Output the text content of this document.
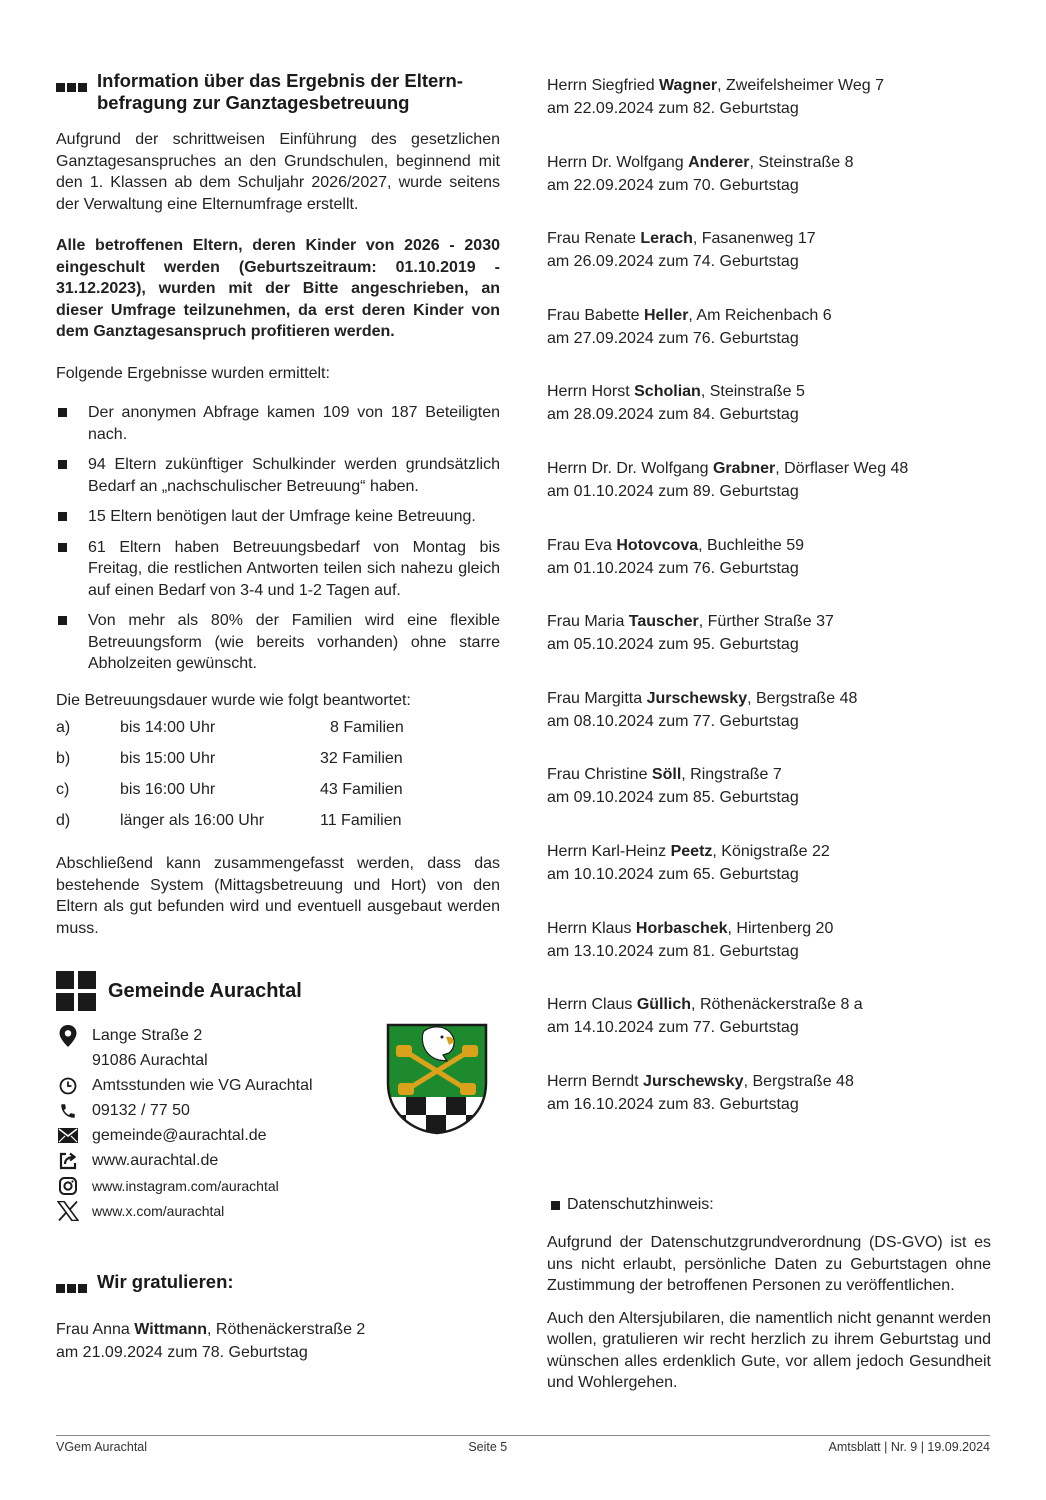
Information über das Ergebnis der Eltern-befragung zur Ganztagesbetreuung

Aufgrund der schrittweisen Einführung des gesetzlichen Ganztagesanspruches an den Grundschulen, beginnend mit den 1. Klassen ab dem Schuljahr 2026/2027, wurde seitens der Verwaltung eine Elternumfrage erstellt.

Alle betroffenen Eltern, deren Kinder von 2026 - 2030 eingeschult werden (Geburtszeitraum: 01.10.2019 - 31.12.2023), wurden mit der Bitte angeschrieben, an dieser Umfrage teilzunehmen, da erst deren Kinder von dem Ganztagesanspruch profitieren werden.

Folgende Ergebnisse wurden ermittelt:

Der anonymen Abfrage kamen 109 von 187 Beteiligten nach.
94 Eltern zukünftiger Schulkinder werden grundsätzlich Bedarf an „nachschulischer Betreuung“ haben.
15 Eltern benötigen laut der Umfrage keine Betreuung.
61 Eltern haben Betreuungsbedarf von Montag bis Freitag, die restlichen Antworten teilen sich nahezu gleich auf einen Bedarf von 3-4 und 1-2 Tagen auf.
Von mehr als 80% der Familien wird eine flexible Betreuungsform (wie bereits vorhanden) ohne starre Abholzeiten gewünscht.

Die Betreuungsdauer wurde wie folgt beantwortet:

a)	bis 14:00 Uhr	8 Familien
b)	bis 15:00 Uhr	32 Familien
c)	bis 16:00 Uhr	43 Familien
d)	länger als 16:00 Uhr	11 Familien

Abschließend kann zusammengefasst werden, dass das bestehende System (Mittagsbetreuung und Hort) von den Eltern als gut befunden wird und eventuell ausgebaut werden muss.

Gemeinde Aurachtal
Lange Straße 2
91086 Aurachtal
Amtsstunden wie VG Aurachtal
09132 / 77 50
gemeinde@aurachtal.de
www.aurachtal.de
www.instagram.com/aurachtal
www.x.com/aurachtal
Wir gratulieren:
Frau Anna Wittmann, Röthenäckerstraße 2
am 21.09.2024 zum 78. Geburtstag
Herrn Siegfried Wagner, Zweifelsheimer Weg 7
am 22.09.2024 zum 82. Geburtstag
Herrn Dr. Wolfgang Anderer, Steinstraße 8
am 22.09.2024 zum 70. Geburtstag
Frau Renate Lerach, Fasanenweg 17
am 26.09.2024 zum 74. Geburtstag
Frau Babette Heller, Am Reichenbach 6
am 27.09.2024 zum 76. Geburtstag
Herrn Horst Scholian, Steinstraße 5
am 28.09.2024 zum 84. Geburtstag
Herrn Dr. Dr. Wolfgang Grabner, Dörflaser Weg 48
am 01.10.2024 zum 89. Geburtstag
Frau Eva Hotovcova, Buchleithe 59
am 01.10.2024 zum 76. Geburtstag
Frau Maria Tauscher, Fürther Straße 37
am 05.10.2024 zum 95. Geburtstag
Frau Margitta Jurschewsky, Bergstraße 48
am 08.10.2024 zum 77. Geburtstag
Frau Christine Söll, Ringstraße 7
am 09.10.2024 zum 85. Geburtstag
Herrn Karl-Heinz Peetz, Königstraße 22
am 10.10.2024 zum 65. Geburtstag
Herrn Klaus Horbaschek, Hirtenberg 20
am 13.10.2024 zum 81. Geburtstag
Herrn Claus Güllich, Röthenäckerstraße 8 a
am 14.10.2024 zum 77. Geburtstag
Herrn Berndt Jurschewsky, Bergstraße 48
am 16.10.2024 zum 83. Geburtstag
Datenschutzhinweis:

Aufgrund der Datenschutzgrundverordnung (DS-GVO) ist es uns nicht erlaubt, persönliche Daten zu Geburtstagen ohne Zustimmung der betroffenen Personen zu veröffentlichen.

Auch den Altersjubilaren, die namentlich nicht genannt werden wollen, gratulieren wir recht herzlich zu ihrem Geburtstag und wünschen alles erdenklich Gute, vor allem jedoch Gesundheit und Wohlergehen.

VGem Aurachtal	Seite 5	Amtsblatt | Nr. 9 | 19.09.2024
